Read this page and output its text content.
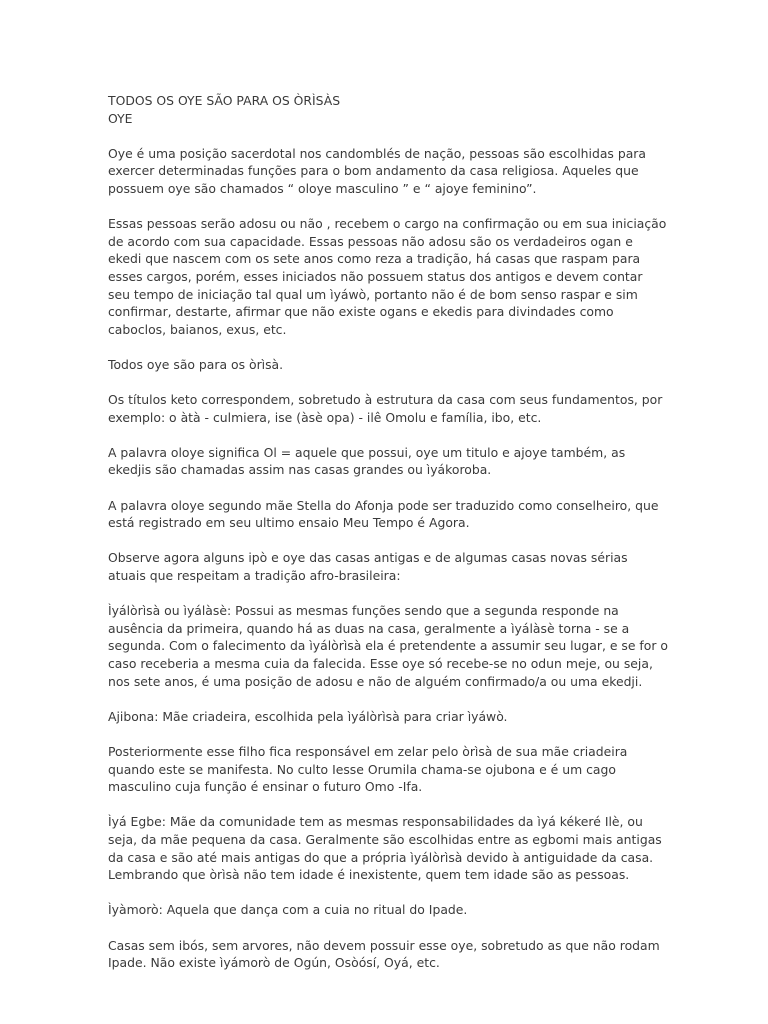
TODOS OS OYE SÃO PARA OS ÒRÌSÀS

OYE

Oye é uma posição sacerdotal nos candomblés de nação, pessoas são escolhidas para exercer determinadas funções para o bom andamento da casa religiosa. Aqueles que possuem oye são chamados “ oloye masculino ” e “ ajoye feminino”.

Essas pessoas serão adosu ou não , recebem o cargo na confirmação ou em sua iniciação de acordo com sua capacidade. Essas pessoas não adosu são os verdadeiros ogan e ekedi que nascem com os sete anos como reza a tradição, há casas que raspam para esses cargos, porém, esses iniciados não possuem status dos antigos e devem contar seu tempo de iniciação tal qual um ìyáwò, portanto não é de bom senso raspar e sim confirmar, destarte, afirmar que não existe ogans e ekedis para divindades como caboclos, baianos, exus, etc.

Todos oye são para os òrìsà.

Os títulos keto correspondem, sobretudo à estrutura da casa com seus fundamentos, por exemplo: o àtà - culmiera, ise (àsè opa) - ilê Omolu e família, ibo, etc.

A palavra oloye significa Ol = aquele que possui, oye um titulo e ajoye também, as ekedjis são chamadas assim nas casas grandes ou ìyákoroba.

A palavra oloye segundo mãe Stella do Afonja pode ser traduzido como conselheiro, que está registrado em seu ultimo ensaio Meu Tempo é Agora.

Observe agora alguns ipò e oye das casas antigas e de algumas casas novas sérias atuais que respeitam a tradição afro-brasileira:

Ìyálòrìsà ou ìyálàsè: Possui as mesmas funções sendo que a segunda responde na ausência da primeira, quando há as duas na casa, geralmente a ìyálàsè torna - se a segunda. Com o falecimento da ìyálòrìsà ela é pretendente a assumir seu lugar, e se for o caso receberia a mesma cuia da falecida. Esse oye só recebe-se no odun meje, ou seja, nos sete anos, é uma posição de adosu e não de alguém confirmado/a ou uma ekedji.

Ajibona: Mãe criadeira, escolhida pela ìyálòrìsà para criar ìyáwò.

Posteriormente esse filho fica responsável em zelar pelo òrìsà de sua mãe criadeira quando este se manifesta. No culto Iesse Orumila chama-se ojubona e é um cago masculino cuja função é ensinar o futuro Omo -Ifa.

Ìyá Egbe: Mãe da comunidade tem as mesmas responsabilidades da ìyá kékeré Ilè, ou seja, da mãe pequena da casa. Geralmente são escolhidas entre as egbomi mais antigas da casa e são até mais antigas do que a própria ìyálòrìsà devido à antiguidade da casa. Lembrando que òrìsà não tem idade é inexistente, quem tem idade são as pessoas.

Ìyàmorò: Aquela que dança com a cuia no ritual do Ipade.

Casas sem ibós, sem arvores, não devem possuir esse oye, sobretudo as que não rodam Ipade. Não existe ìyámorò de Ogún, Osòósí, Oyá, etc.
